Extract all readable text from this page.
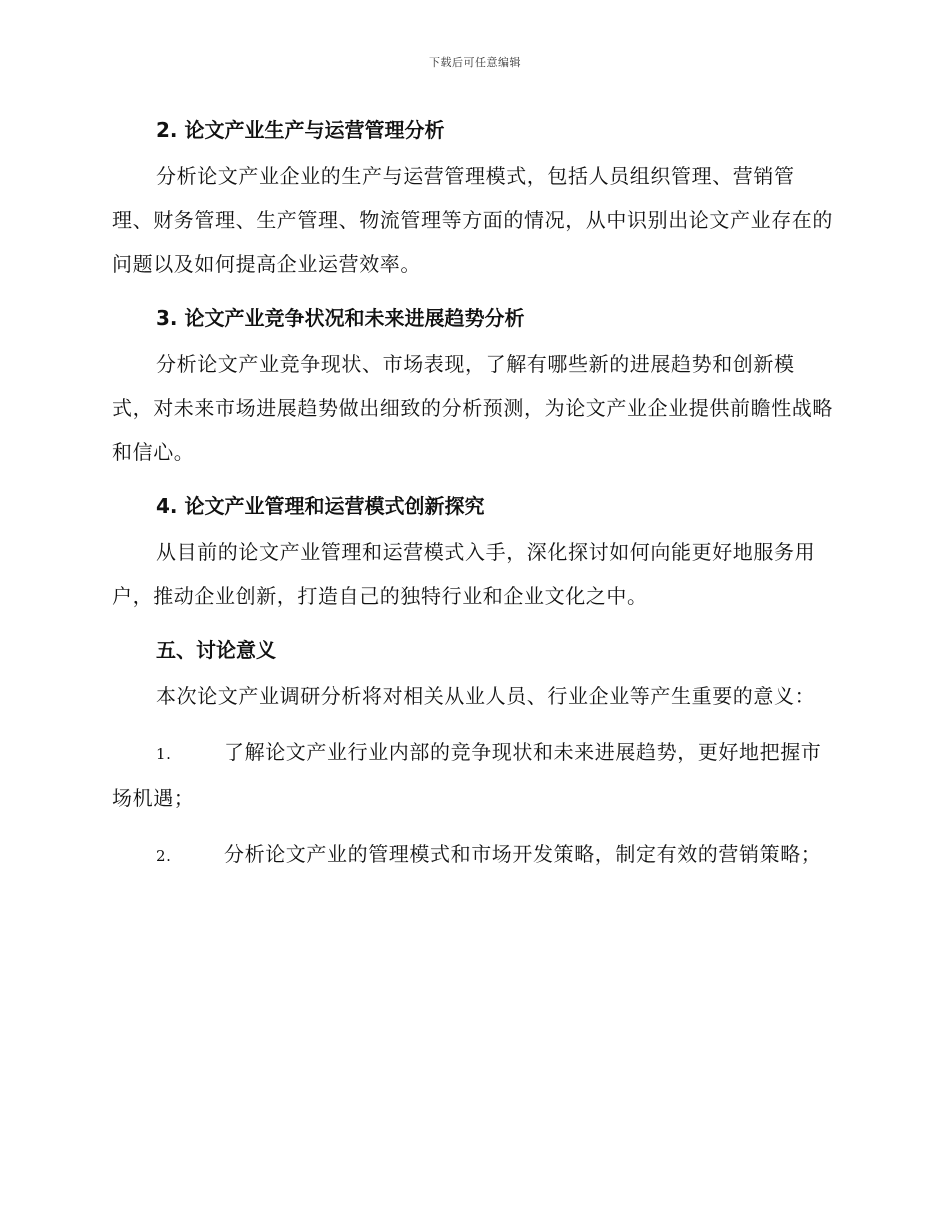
下载后可任意编辑
2. 论文产业生产与运营管理分析

分析论文产业企业的生产与运营管理模式，包括人员组织管理、营销管理、财务管理、生产管理、物流管理等方面的情况，从中识别出论文产业存在的问题以及如何提高企业运营效率。

3. 论文产业竞争状况和未来进展趋势分析

分析论文产业竞争现状、市场表现，了解有哪些新的进展趋势和创新模式，对未来市场进展趋势做出细致的分析预测，为论文产业企业提供前瞻性战略和信心。

4. 论文产业管理和运营模式创新探究

从目前的论文产业管理和运营模式入手，深化探讨如何向能更好地服务用户，推动企业创新，打造自己的独特行业和企业文化之中。

五、讨论意义

本次论文产业调研分析将对相关从业人员、行业企业等产生重要的意义：

1.	了解论文产业行业内部的竞争现状和未来进展趋势，更好地把握市场机遇；
2.	分析论文产业的管理模式和市场开发策略，制定有效的营销策略；
